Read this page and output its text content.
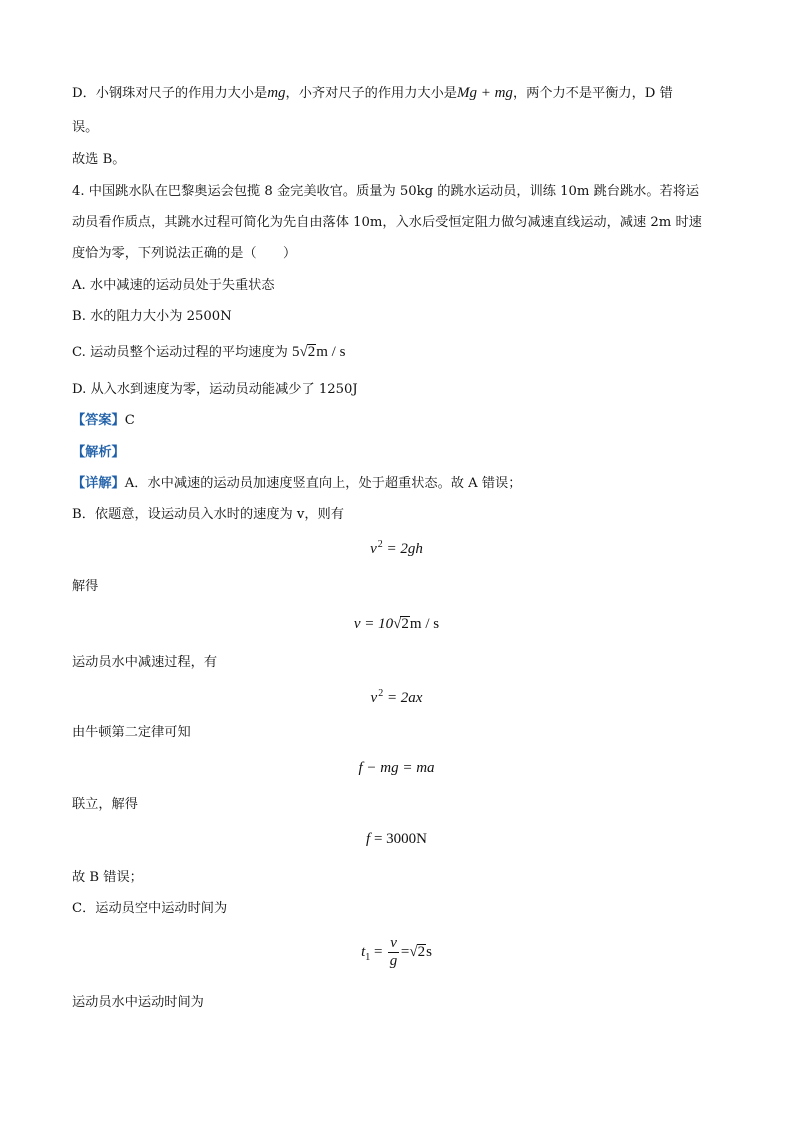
D．小钢珠对尺子的作用力大小是mg，小齐对尺子的作用力大小是Mg + mg，两个力不是平衡力，D 错
误。
故选 B。
4. 中国跳水队在巴黎奥运会包揽 8 金完美收官。质量为 50kg 的跳水运动员，训练 10m 跳台跳水。若将运
动员看作质点，其跳水过程可简化为先自由落体 10m，入水后受恒定阻力做匀减速直线运动，减速 2m 时速
度恰为零，下列说法正确的是（　　）
A. 水中减速的运动员处于失重状态
B. 水的阻力大小为 2500N
C. 运动员整个运动过程的平均速度为 5√2m / s
D. 从入水到速度为零，运动员动能减少了 1250J
【答案】C
【解析】
【详解】A．水中减速的运动员加速度竖直向上，处于超重状态。故 A 错误；
B．依题意，设运动员入水时的速度为 v，则有
$v^2 = 2gh$
解得
v = 10√2m / s
运动员水中减速过程，有
$v^2 = 2ax$
由牛顿第二定律可知
f − mg = ma
联立，解得
f = 3000N
故 B 错误；
C．运动员空中运动时间为
$t_1 = \frac{v}{g} =√2s$
运动员水中运动时间为
